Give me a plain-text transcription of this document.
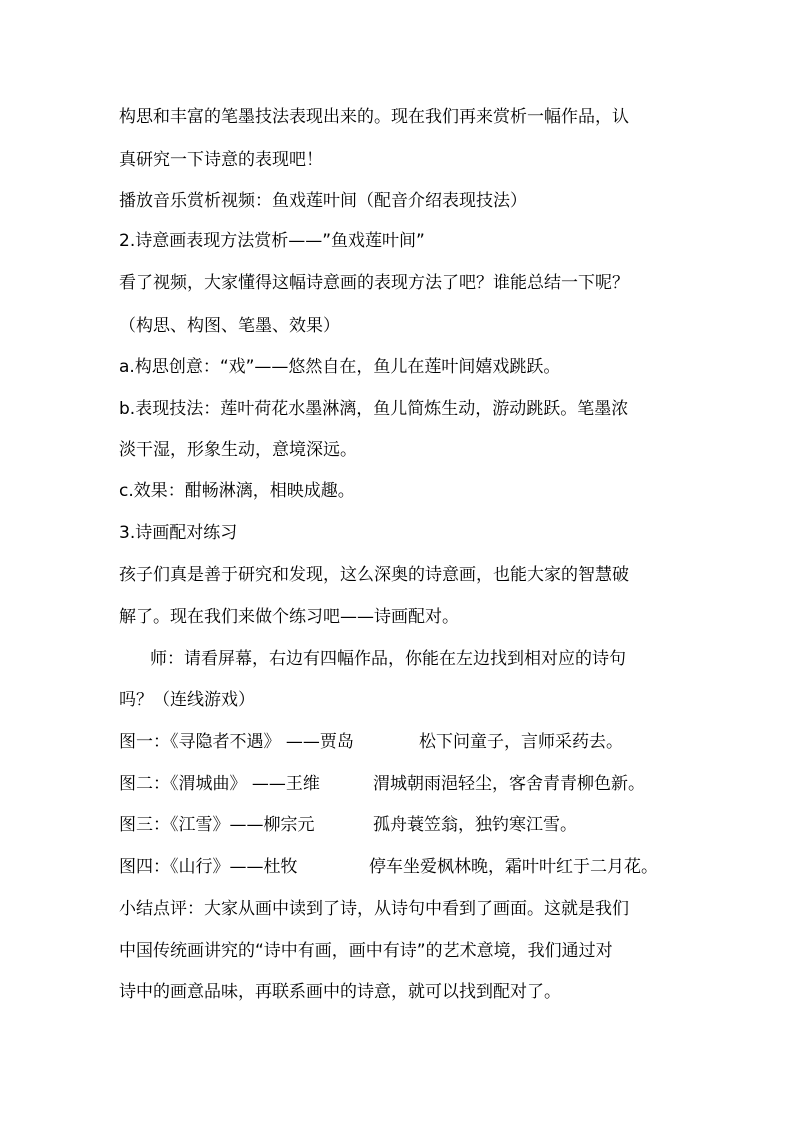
构思和丰富的笔墨技法表现出来的。现在我们再来赏析一幅作品，认
真研究一下诗意的表现吧！
播放音乐赏析视频：鱼戏莲叶间（配音介绍表现技法）
2.诗意画表现方法赏析——”鱼戏莲叶间”
看了视频，大家懂得这幅诗意画的表现方法了吧？谁能总结一下呢？
（构思、构图、笔墨、效果）
a.构思创意：“戏”——悠然自在，鱼儿在莲叶间嬉戏跳跃。
b.表现技法：莲叶荷花水墨淋漓，鱼儿简炼生动，游动跳跃。笔墨浓
淡干湿，形象生动，意境深远。
c.效果：酣畅淋漓，相映成趣。
3.诗画配对练习
孩子们真是善于研究和发现，这么深奥的诗意画，也能大家的智慧破
解了。现在我们来做个练习吧——诗画配对。
师：请看屏幕，右边有四幅作品，你能在左边找到相对应的诗句
吗？（连线游戏）
图一：《寻隐者不遇》 ——贾岛	松下问童子，言师采药去。
图二：《渭城曲》 ——王维	渭城朝雨浥轻尘，客舍青青柳色新。
图三：《江雪》——柳宗元	孤舟蓑笠翁，独钓寒江雪。
图四：《山行》——杜牧	停车坐爱枫林晚，霜叶叶红于二月花。
小结点评：大家从画中读到了诗，从诗句中看到了画面。这就是我们
中国传统画讲究的“诗中有画，画中有诗”的艺术意境，我们通过对
诗中的画意品味，再联系画中的诗意，就可以找到配对了。
